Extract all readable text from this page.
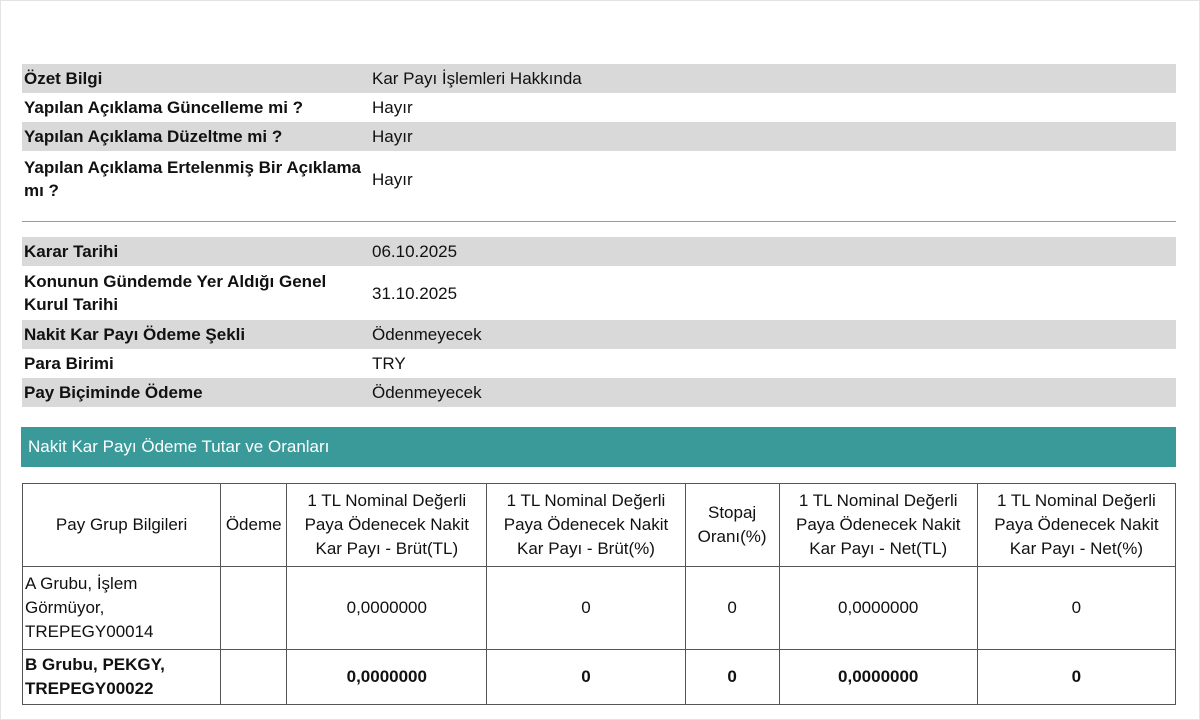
Özet Bilgi	Kar Payı İşlemleri Hakkında
Yapılan Açıklama Güncelleme mi ?	Hayır
Yapılan Açıklama Düzeltme mi ?	Hayır
Yapılan Açıklama Ertelenmiş Bir Açıklama mı ?	Hayır
Karar Tarihi	06.10.2025
Konunun Gündemde Yer Aldığı Genel Kurul Tarihi	31.10.2025
Nakit Kar Payı Ödeme Şekli	Ödenmeyecek
Para Birimi	TRY
Pay Biçiminde Ödeme	Ödenmeyecek
Nakit Kar Payı Ödeme Tutar ve Oranları
Pay Grup Bilgileri	Ödeme	1 TL Nominal Değerli Paya Ödenecek Nakit Kar Payı - Brüt(TL)	1 TL Nominal Değerli Paya Ödenecek Nakit Kar Payı - Brüt(%)	Stopaj Oranı(%)	1 TL Nominal Değerli Paya Ödenecek Nakit Kar Payı - Net(TL)	1 TL Nominal Değerli Paya Ödenecek Nakit Kar Payı - Net(%)
A Grubu, İşlem Görmüyor, TREPEGY00014		0,0000000	0	0	0,0000000	0
B Grubu, PEKGY, TREPEGY00022		0,0000000	0	0	0,0000000	0
